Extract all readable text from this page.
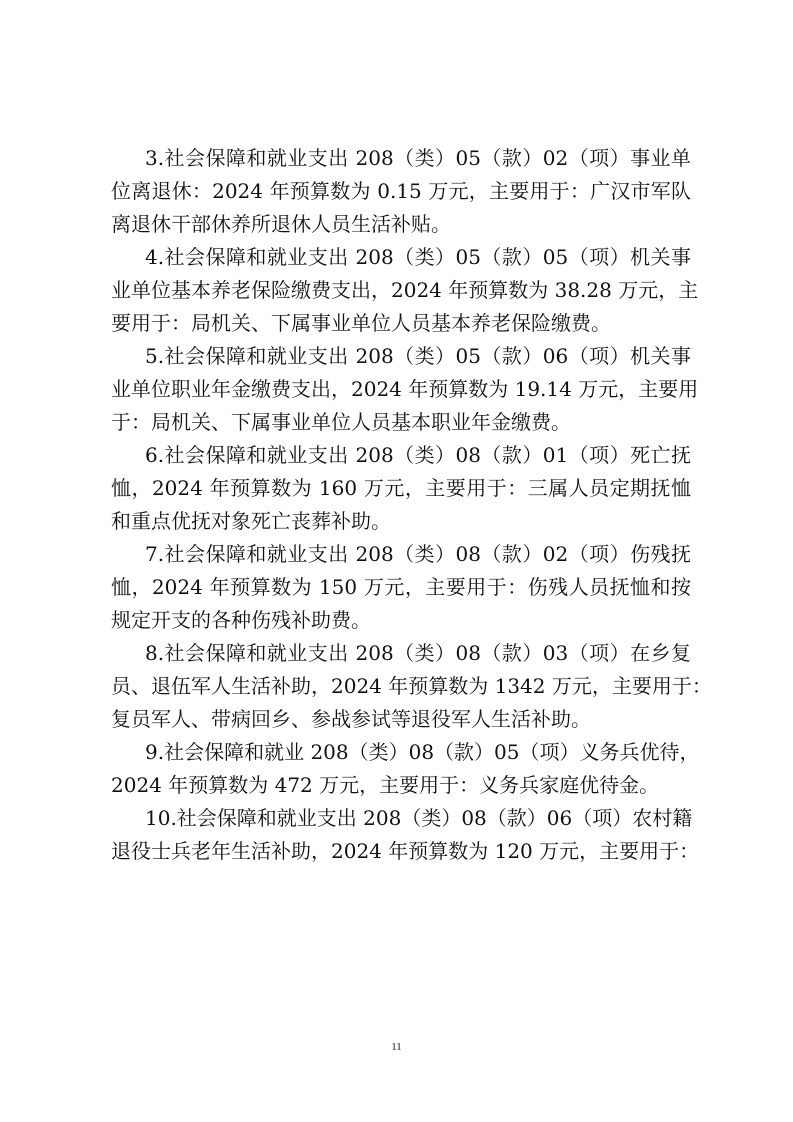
3.社会保障和就业支出 208（类）05（款）02（项）事业单
位离退休：2024 年预算数为 0.15 万元，主要用于：广汉市军队
离退休干部休养所退休人员生活补贴。
4.社会保障和就业支出 208（类）05（款）05（项）机关事
业单位基本养老保险缴费支出，2024 年预算数为 38.28 万元，主
要用于：局机关、下属事业单位人员基本养老保险缴费。
5.社会保障和就业支出 208（类）05（款）06（项）机关事
业单位职业年金缴费支出，2024 年预算数为 19.14 万元，主要用
于：局机关、下属事业单位人员基本职业年金缴费。
6.社会保障和就业支出 208（类）08（款）01（项）死亡抚
恤，2024 年预算数为 160 万元，主要用于：三属人员定期抚恤
和重点优抚对象死亡丧葬补助。
7.社会保障和就业支出 208（类）08（款）02（项）伤残抚
恤，2024 年预算数为 150 万元，主要用于：伤残人员抚恤和按
规定开支的各种伤残补助费。
8.社会保障和就业支出 208（类）08（款）03（项）在乡复
员、退伍军人生活补助，2024 年预算数为 1342 万元，主要用于：
复员军人、带病回乡、参战参试等退役军人生活补助。
9.社会保障和就业 208（类）08（款）05（项）义务兵优待，
2024 年预算数为 472 万元，主要用于：义务兵家庭优待金。
10.社会保障和就业支出 208（类）08（款）06（项）农村籍
退役士兵老年生活补助，2024 年预算数为 120 万元，主要用于：
11
